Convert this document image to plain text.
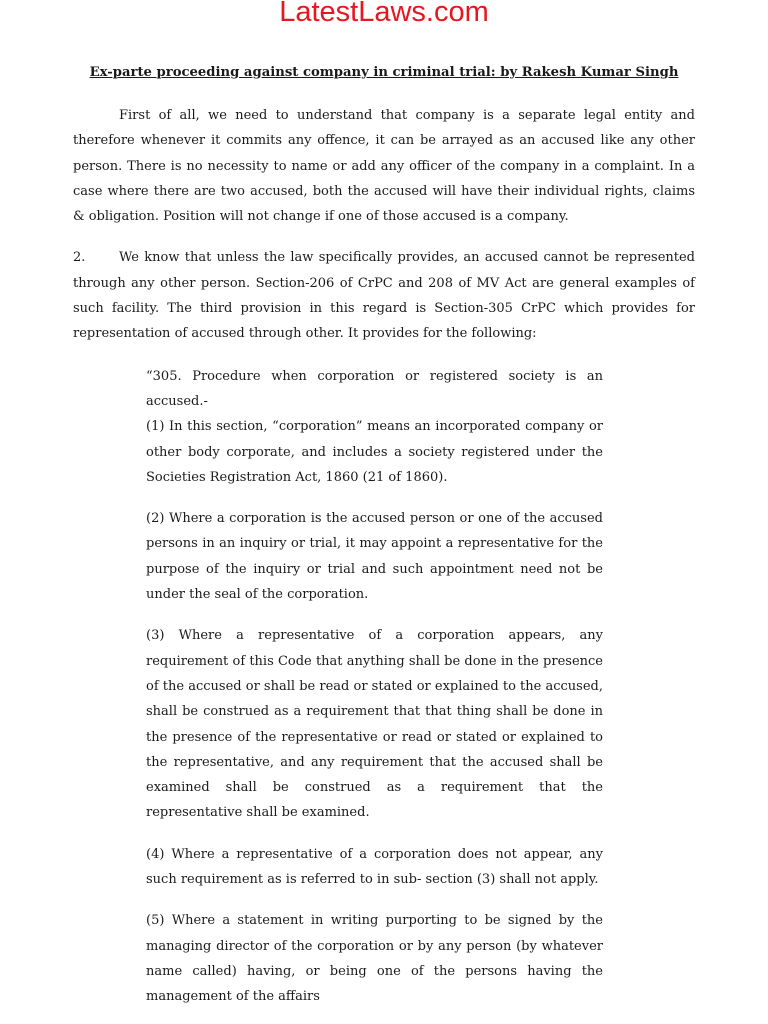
LatestLaws.com
Ex-parte proceeding against company in criminal trial: by Rakesh Kumar Singh

First of all, we need to understand that company is a separate legal entity and therefore whenever it commits any offence, it can be arrayed as an accused like any other person. There is no necessity to name or add any officer of the company in a complaint. In a case where there are two accused, both the accused will have their individual rights, claims & obligation. Position will not change if one of those accused is a company.

2.	We know that unless the law specifically provides, an accused cannot be represented through any other person. Section-206 of CrPC and 208 of MV Act are general examples of such facility. The third provision in this regard is Section-305 CrPC which provides for representation of accused through other. It provides for the following:

“305. Procedure when corporation or registered society is an accused.-
(1) In this section, “corporation” means an incorporated company or other body corporate, and includes a society registered under the Societies Registration Act, 1860 (21 of 1860).

(2) Where a corporation is the accused person or one of the accused persons in an inquiry or trial, it may appoint a representative for the purpose of the inquiry or trial and such appointment need not be under the seal of the corporation.

(3) Where a representative of a corporation appears, any requirement of this Code that anything shall be done in the presence of the accused or shall be read or stated or explained to the accused, shall be construed as a requirement that that thing shall be done in the presence of the representative or read or stated or explained to the representative, and any requirement that the accused shall be examined shall be construed as a requirement that the representative shall be examined.

(4) Where a representative of a corporation does not appear, any such requirement as is referred to in sub- section (3) shall not apply.

(5) Where a statement in writing purporting to be signed by the managing director of the corporation or by any person (by whatever name called) having, or being one of the persons having the management of the affairs
